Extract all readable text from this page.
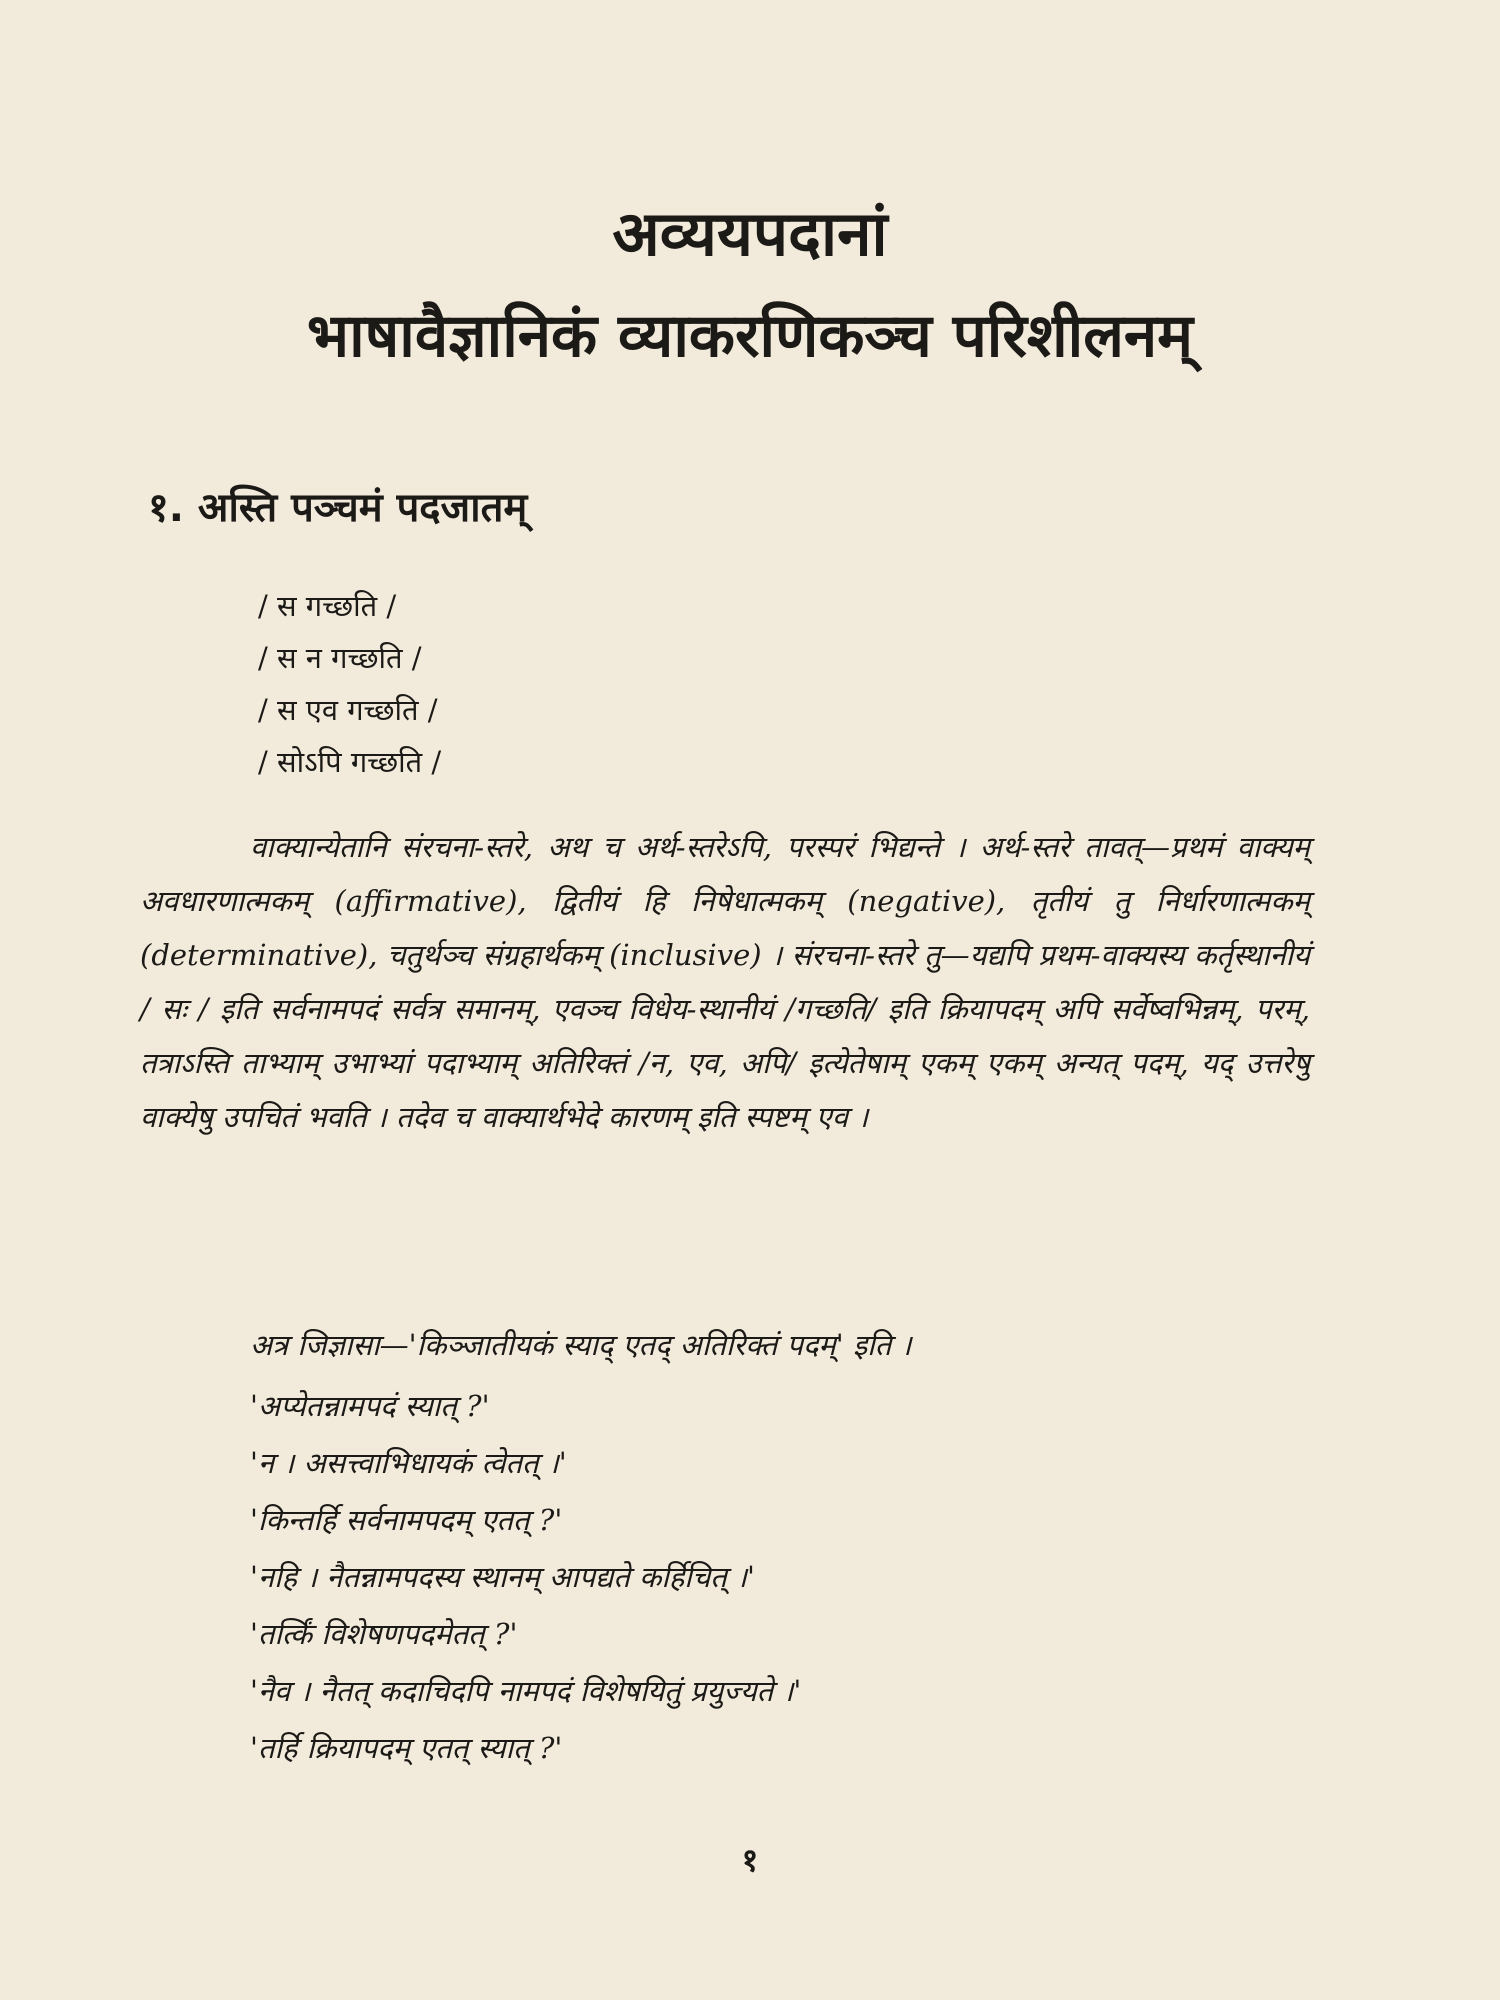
अव्ययपदानां
भाषावैज्ञानिकं व्याकरणिकञ्च परिशीलनम्
१. अस्ति पञ्चमं पदजातम्
/ स गच्छति /
/ स न गच्छति /
/ स एव गच्छति /
/ सोऽपि गच्छति /

वाक्यान्येतानि संरचना-स्तरे, अथ च अर्थ-स्तरेऽपि, परस्परं भिद्यन्ते । अर्थ-स्तरे तावत्—प्रथमं वाक्यम् अवधारणात्मकम् (affirmative), द्वितीयं हि निषेधात्मकम् (negative), तृतीयं तु निर्धारणात्मकम् (determinative), चतुर्थञ्च संग्रहार्थकम् (inclusive) । संरचना-स्तरे तु—यद्यपि प्रथम-वाक्यस्य कर्तृस्थानीयं / सः / इति सर्वनामपदं सर्वत्र समानम्, एवञ्च विधेय-स्थानीयं /गच्छति/ इति क्रियापदम् अपि सर्वेष्वभिन्नम्, परम्, तत्राऽस्ति ताभ्याम् उभाभ्यां पदाभ्याम् अतिरिक्तं /न, एव, अपि/ इत्येतेषाम् एकम् एकम् अन्यत् पदम्, यद् उत्तरेषु वाक्येषु उपचितं भवति । तदेव च वाक्यार्थभेदे कारणम् इति स्पष्टम् एव ।

अत्र जिज्ञासा—'किञ्जातीयकं स्याद् एतद् अतिरिक्तं पदम्' इति ।

'अप्येतन्नामपदं स्यात् ?'
'न । असत्त्वाभिधायकं त्वेतत् ।'
'किन्तर्हि सर्वनामपदम् एतत् ?'
'नहि । नैतन्नामपदस्य स्थानम् आपद्यते कर्हिचित् ।'
'तर्त्किं विशेषणपदमेतत् ?'
'नैव । नैतत् कदाचिदपि नामपदं विशेषयितुं प्रयुज्यते ।'
'तर्हि क्रियापदम् एतत् स्यात् ?'
१
